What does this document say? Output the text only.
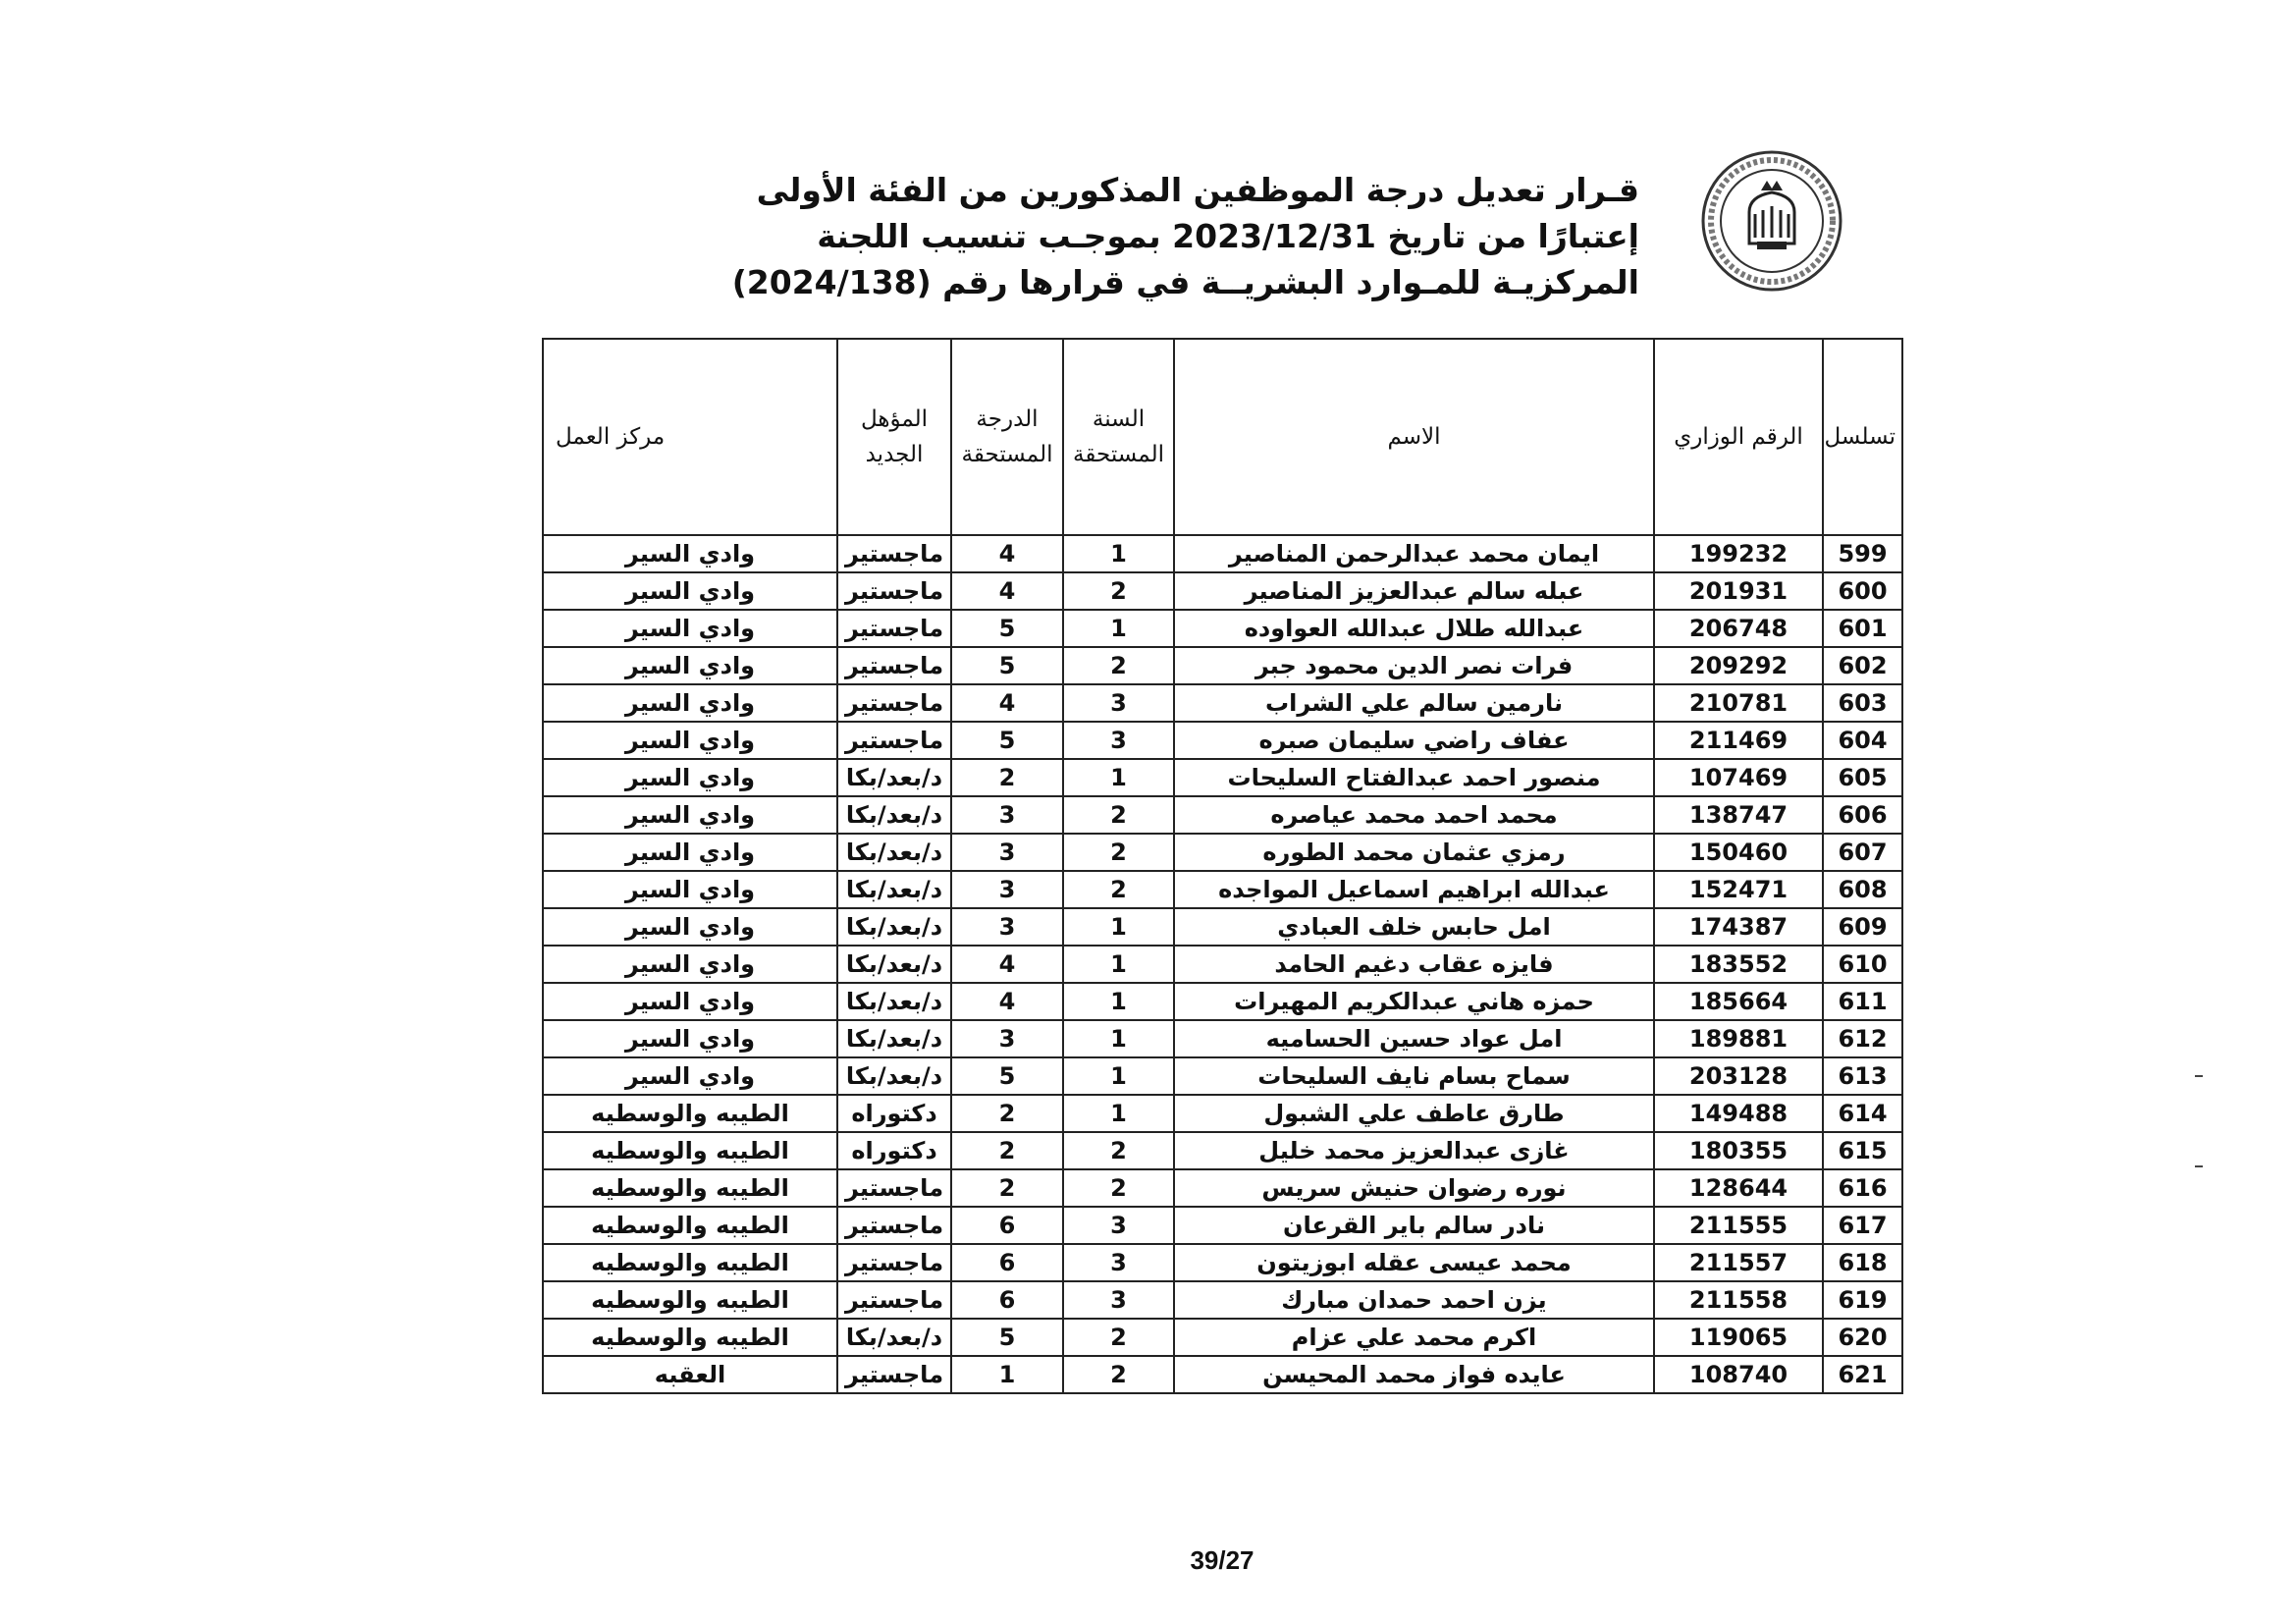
قـرار تعديل درجة الموظفين المذكورين من الفئة الأولى
إعتبارًا من تاريخ 2023/12/31 بموجـب تنسيب اللجنة
المركزيـة للمـوارد البشريــة في قرارها رقم (2024/138)
تسلسل	الرقم الوزاري	الاسم	السنة المستحقة	الدرجة المستحقة	المؤهل الجديد	مركز العمل
599	199232	ايمان محمد عبدالرحمن المناصير	1	4	ماجستير	وادي السير
600	201931	عبله سالم عبدالعزيز المناصير	2	4	ماجستير	وادي السير
601	206748	عبدالله طلال عبدالله العواوده	1	5	ماجستير	وادي السير
602	209292	فرات نصر الدين محمود جبر	2	5	ماجستير	وادي السير
603	210781	نارمين سالم علي الشراب	3	4	ماجستير	وادي السير
604	211469	عفاف راضي سليمان صبره	3	5	ماجستير	وادي السير
605	107469	منصور احمد عبدالفتاح السليحات	1	2	د/بعد/بكا	وادي السير
606	138747	محمد احمد محمد عياصره	2	3	د/بعد/بكا	وادي السير
607	150460	رمزي عثمان محمد الطوره	2	3	د/بعد/بكا	وادي السير
608	152471	عبدالله ابراهيم اسماعيل المواجده	2	3	د/بعد/بكا	وادي السير
609	174387	امل حابس خلف العبادي	1	3	د/بعد/بكا	وادي السير
610	183552	فايزه عقاب دغيم الحامد	1	4	د/بعد/بكا	وادي السير
611	185664	حمزه هاني عبدالكريم المهيرات	1	4	د/بعد/بكا	وادي السير
612	189881	امل عواد حسين الحساميه	1	3	د/بعد/بكا	وادي السير
613	203128	سماح بسام نايف السليحات	1	5	د/بعد/بكا	وادي السير
614	149488	طارق عاطف علي الشبول	1	2	دكتوراه	الطيبه والوسطيه
615	180355	غازى عبدالعزيز محمد خليل	2	2	دكتوراه	الطيبه والوسطيه
616	128644	نوره رضوان حنيش سريس	2	2	ماجستير	الطيبه والوسطيه
617	211555	نادر سالم باير القرعان	3	6	ماجستير	الطيبه والوسطيه
618	211557	محمد عيسى عقله ابوزيتون	3	6	ماجستير	الطيبه والوسطيه
619	211558	يزن احمد حمدان مبارك	3	6	ماجستير	الطيبه والوسطيه
620	119065	اكرم محمد علي عزام	2	5	د/بعد/بكا	الطيبه والوسطيه
621	108740	عايده فواز محمد المحيسن	2	1	ماجستير	العقبه
39/27
